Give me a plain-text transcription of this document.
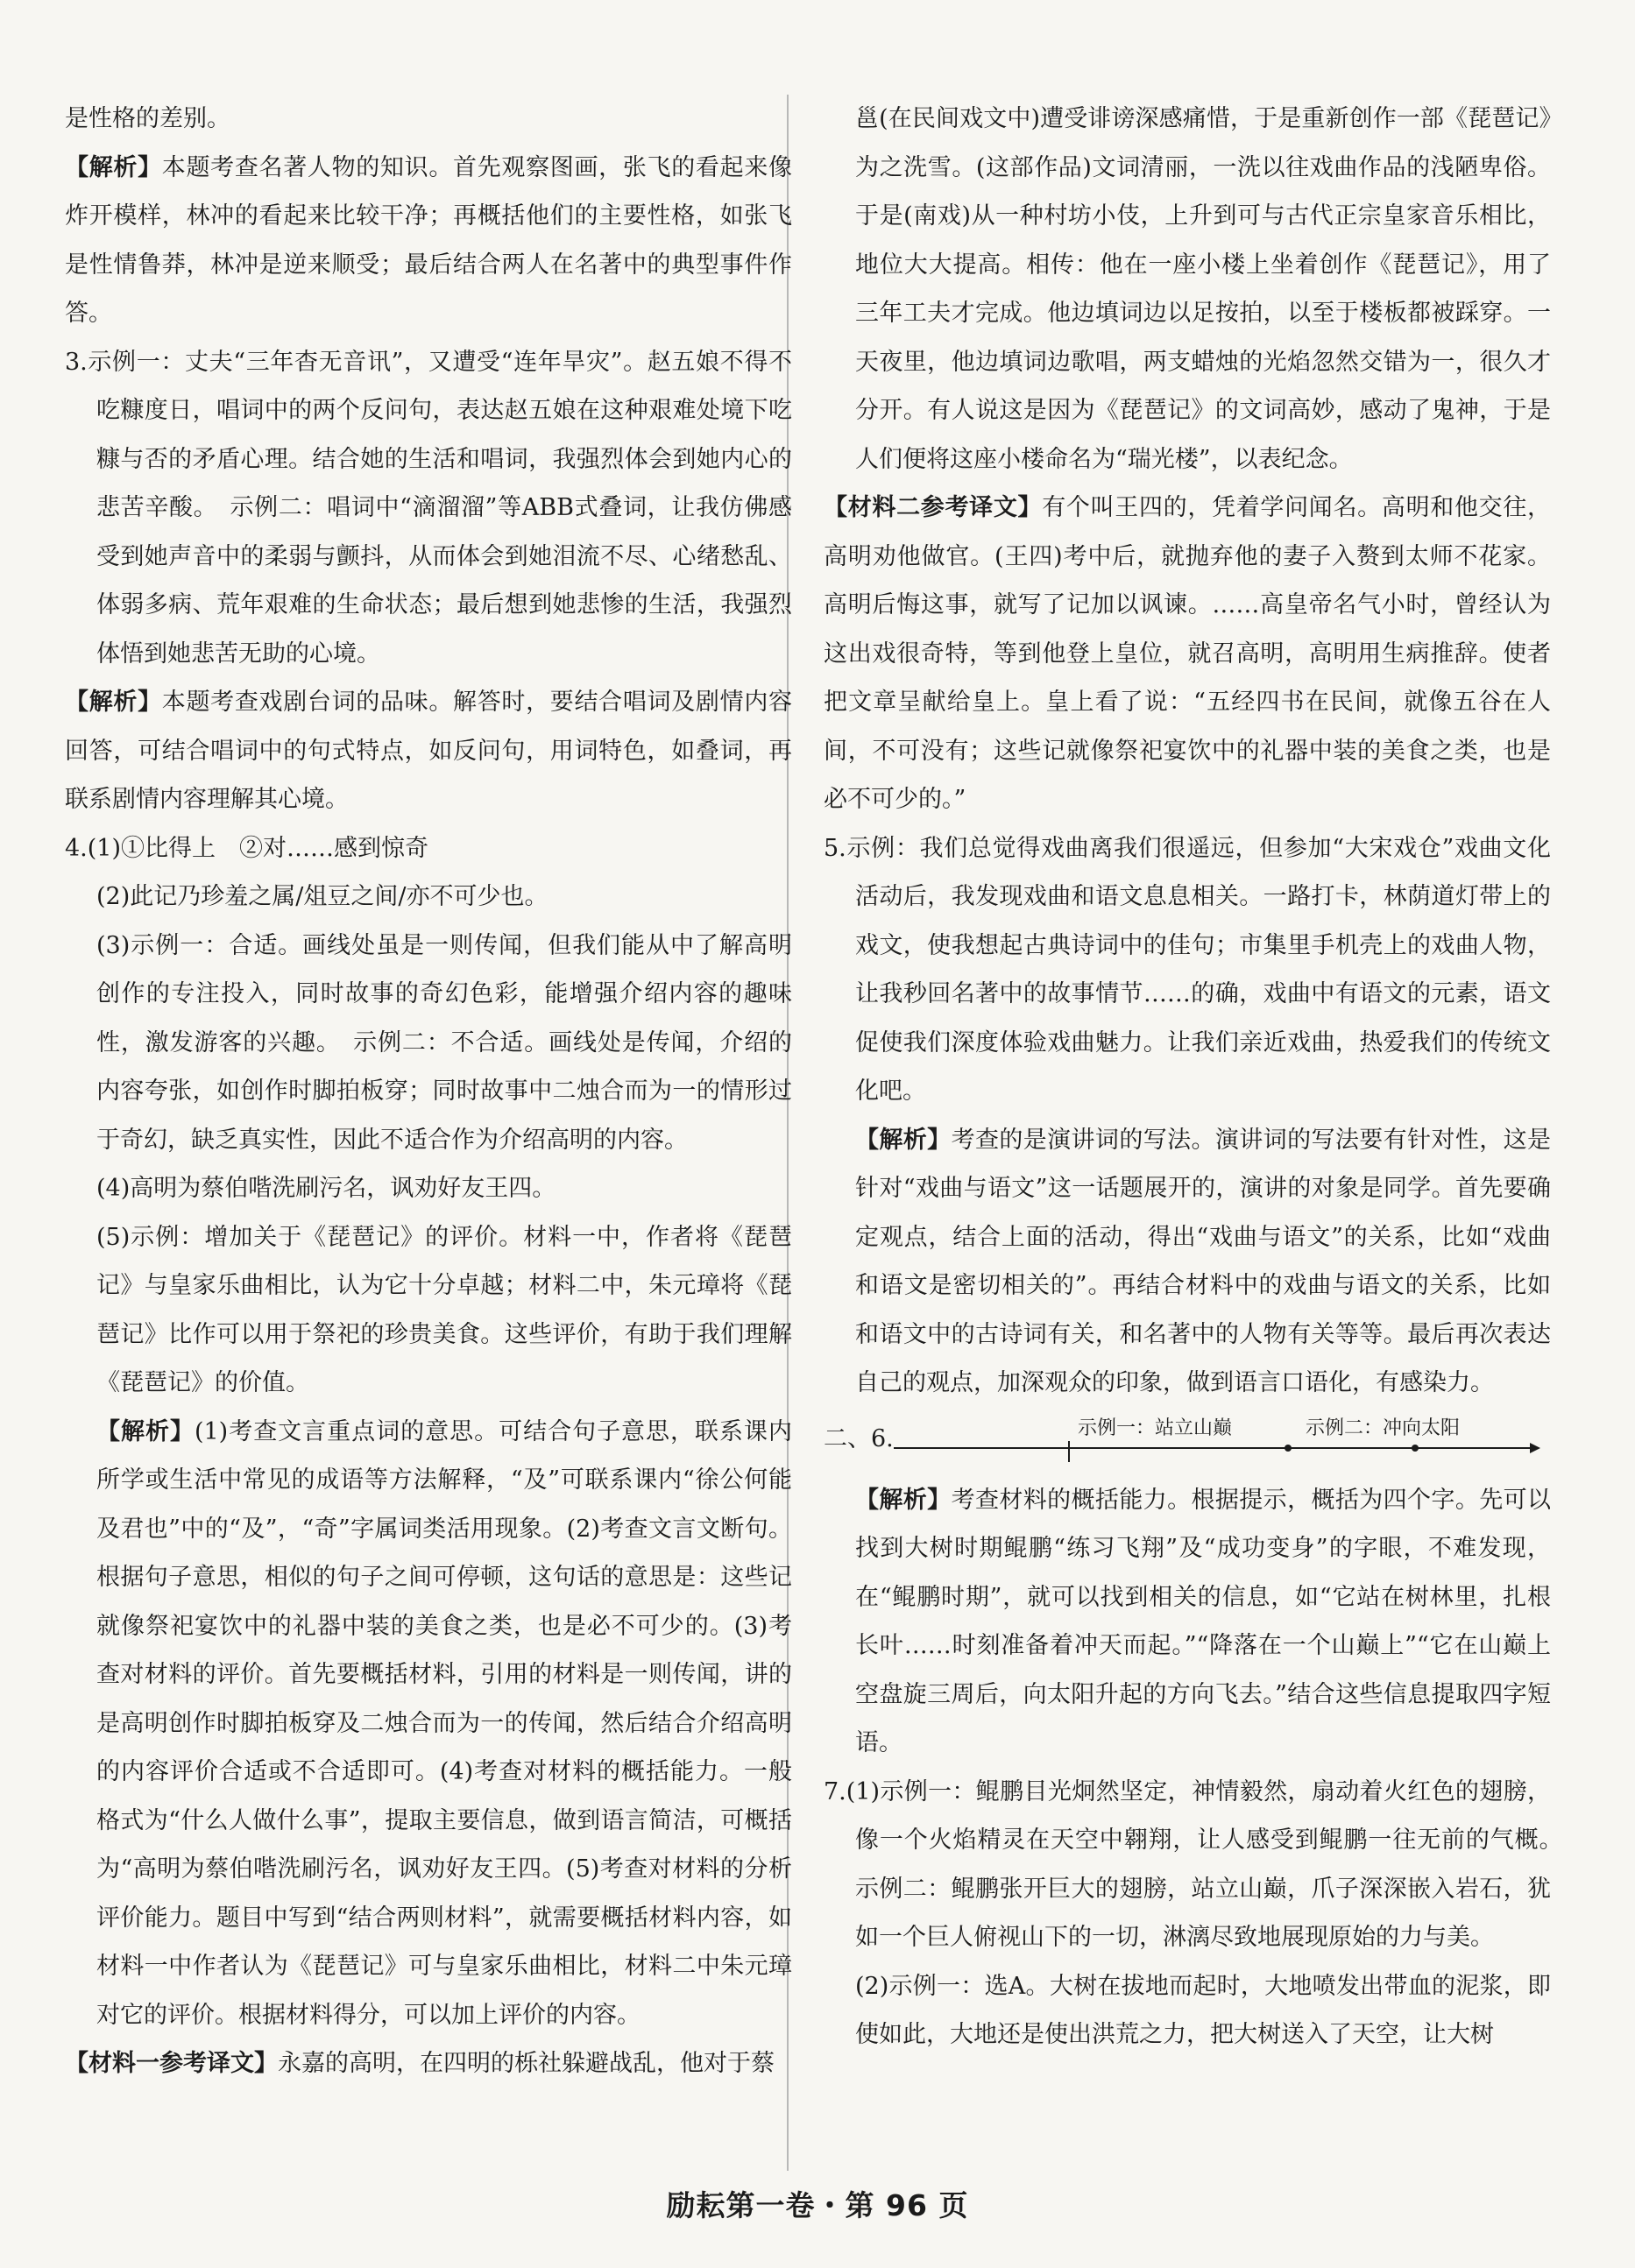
是性格的差别。

【解析】本题考查名著人物的知识。首先观察图画，张飞的看起来像炸开模样，林冲的看起来比较干净；再概括他们的主要性格，如张飞是性情鲁莽，林冲是逆来顺受；最后结合两人在名著中的典型事件作答。

3.示例一：丈夫“三年杳无音讯”，又遭受“连年旱灾”。赵五娘不得不吃糠度日，唱词中的两个反问句，表达赵五娘在这种艰难处境下吃糠与否的矛盾心理。结合她的生活和唱词，我强烈体会到她内心的悲苦辛酸。　示例二：唱词中“滴溜溜”等ABB式叠词，让我仿佛感受到她声音中的柔弱与颤抖，从而体会到她泪流不尽、心绪愁乱、体弱多病、荒年艰难的生命状态；最后想到她悲惨的生活，我强烈体悟到她悲苦无助的心境。

【解析】本题考查戏剧台词的品味。解答时，要结合唱词及剧情内容回答，可结合唱词中的句式特点，如反问句，用词特色，如叠词，再联系剧情内容理解其心境。

4.(1)①比得上　②对……感到惊奇

(2)此记乃珍羞之属/俎豆之间/亦不可少也。

(3)示例一：合适。画线处虽是一则传闻，但我们能从中了解高明创作的专注投入，同时故事的奇幻色彩，能增强介绍内容的趣味性，激发游客的兴趣。　示例二：不合适。画线处是传闻，介绍的内容夸张，如创作时脚拍板穿；同时故事中二烛合而为一的情形过于奇幻，缺乏真实性，因此不适合作为介绍高明的内容。

(4)高明为蔡伯喈洗刷污名，讽劝好友王四。

(5)示例：增加关于《琵琶记》的评价。材料一中，作者将《琵琶记》与皇家乐曲相比，认为它十分卓越；材料二中，朱元璋将《琵琶记》比作可以用于祭祀的珍贵美食。这些评价，有助于我们理解《琵琶记》的价值。

【解析】(1)考查文言重点词的意思。可结合句子意思，联系课内所学或生活中常见的成语等方法解释，“及”可联系课内“徐公何能及君也”中的“及”，“奇”字属词类活用现象。(2)考查文言文断句。根据句子意思，相似的句子之间可停顿，这句话的意思是：这些记就像祭祀宴饮中的礼器中装的美食之类，也是必不可少的。(3)考查对材料的评价。首先要概括材料，引用的材料是一则传闻，讲的是高明创作时脚拍板穿及二烛合而为一的传闻，然后结合介绍高明的内容评价合适或不合适即可。(4)考查对材料的概括能力。一般格式为“什么人做什么事”，提取主要信息，做到语言简洁，可概括为“高明为蔡伯喈洗刷污名，讽劝好友王四。(5)考查对材料的分析评价能力。题目中写到“结合两则材料”，就需要概括材料内容，如材料一中作者认为《琵琶记》可与皇家乐曲相比，材料二中朱元璋对它的评价。根据材料得分，可以加上评价的内容。

【材料一参考译文】永嘉的高明，在四明的栎社躲避战乱，他对于蔡

邕(在民间戏文中)遭受诽谤深感痛惜，于是重新创作一部《琵琶记》为之洗雪。(这部作品)文词清丽，一洗以往戏曲作品的浅陋卑俗。于是(南戏)从一种村坊小伎，上升到可与古代正宗皇家音乐相比，地位大大提高。相传：他在一座小楼上坐着创作《琵琶记》，用了三年工夫才完成。他边填词边以足按拍，以至于楼板都被踩穿。一天夜里，他边填词边歌唱，两支蜡烛的光焰忽然交错为一，很久才分开。有人说这是因为《琵琶记》的文词高妙，感动了鬼神，于是人们便将这座小楼命名为“瑞光楼”，以表纪念。

【材料二参考译文】有个叫王四的，凭着学问闻名。高明和他交往，高明劝他做官。(王四)考中后，就抛弃他的妻子入赘到太师不花家。高明后悔这事，就写了记加以讽谏。……高皇帝名气小时，曾经认为这出戏很奇特，等到他登上皇位，就召高明，高明用生病推辞。使者把文章呈献给皇上。皇上看了说：“五经四书在民间，就像五谷在人间，不可没有；这些记就像祭祀宴饮中的礼器中装的美食之类，也是必不可少的。”

5.示例：我们总觉得戏曲离我们很遥远，但参加“大宋戏仓”戏曲文化活动后，我发现戏曲和语文息息相关。一路打卡，林荫道灯带上的戏文，使我想起古典诗词中的佳句；市集里手机壳上的戏曲人物，让我秒回名著中的故事情节……的确，戏曲中有语文的元素，语文促使我们深度体验戏曲魅力。让我们亲近戏曲，热爱我们的传统文化吧。

【解析】考查的是演讲词的写法。演讲词的写法要有针对性，这是针对“戏曲与语文”这一话题展开的，演讲的对象是同学。首先要确定观点，结合上面的活动，得出“戏曲与语文”的关系，比如“戏曲和语文是密切相关的”。再结合材料中的戏曲与语文的关系，比如和语文中的古诗词有关，和名著中的人物有关等等。最后再次表达自己的观点，加深观众的印象，做到语言口语化，有感染力。

二、6.	示例一：站立山巅	示例二：冲向太阳

【解析】考查材料的概括能力。根据提示，概括为四个字。先可以找到大树时期鲲鹏“练习飞翔”及“成功变身”的字眼，不难发现，在“鲲鹏时期”，就可以找到相关的信息，如“它站在树林里，扎根长叶……时刻准备着冲天而起。”“降落在一个山巅上”“它在山巅上空盘旋三周后，向太阳升起的方向飞去。”结合这些信息提取四字短语。

7.(1)示例一：鲲鹏目光炯然坚定，神情毅然，扇动着火红色的翅膀，像一个火焰精灵在天空中翱翔，让人感受到鲲鹏一往无前的气概。　示例二：鲲鹏张开巨大的翅膀，站立山巅，爪子深深嵌入岩石，犹如一个巨人俯视山下的一切，淋漓尽致地展现原始的力与美。

(2)示例一：选A。大树在拔地而起时，大地喷发出带血的泥浆，即使如此，大地还是使出洪荒之力，把大树送入了天空，让大树

励耘第一卷・第 96 页
